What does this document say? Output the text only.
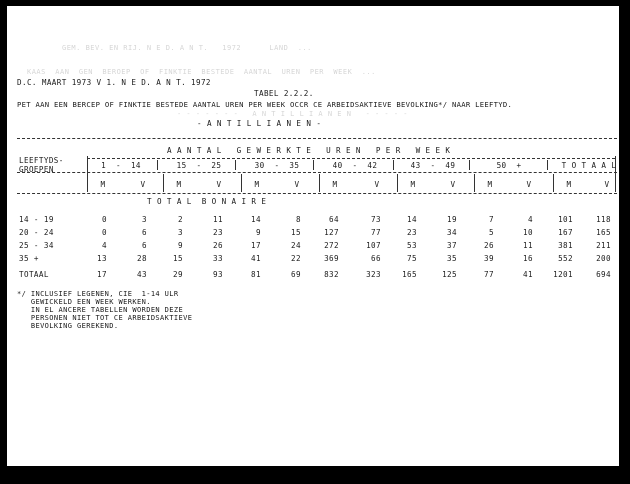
GEM. BEV. EN RIJ. N E D. A N T.   1972      LAND  ...
KAAS  AAN  GEN  BEROEP  OF  FINKTIE  BESTEDE  AANTAL  UREN  PER  WEEK  ...
- - - - - - -   A N T I L L I A N E N   - - - - -
D.C. MAART 1973 V 1. N E D. A N T. 1972
TABEL 2.2.2.
PET AAN EEN BERCEP OF FINKTIE BESTEDE AANTAL UREN PER WEEK OCCR CE ARBEIDSAKTIEVE BEVOLKING*/ NAAR LEEFTYD.
- A N T I L L I A N E N -
LEEFTYDS-
GROEPEN
A A N T A L   G E W E R K T E   U R E N   P E R   W E E K
1  -  14	15  -  25	30  -  35	40  -  42	43  -  49	50  +	T O T A A L
M	V	M	V	M	V	M	V	M	V	M	V	M	V
T O T A L  B O N A I R E
14 - 19	0	3	2	11	14	8	64	73	14	19	7	4	101	118
20 - 24	0	6	3	23	9	15	127	77	23	34	5	10	167	165
25 - 34	4	6	9	26	17	24	272	107	53	37	26	11	381	211
35 +	13	28	15	33	41	22	369	66	75	35	39	16	552	200
TOTAAL	17	43	29	93	81	69	832	323	165	125	77	41	1201	694
*/ INCLUSIEF LEGENEN, CIE  1-14 ULR
GEWICKELD EEN WEEK WERKEN.
IN EL ANCERE TABELLEN WORDEN DEZE
PERSONEN NIET TOT CE ARBEIDSAKTIEVE
BEVOLKING GEREKEND.
